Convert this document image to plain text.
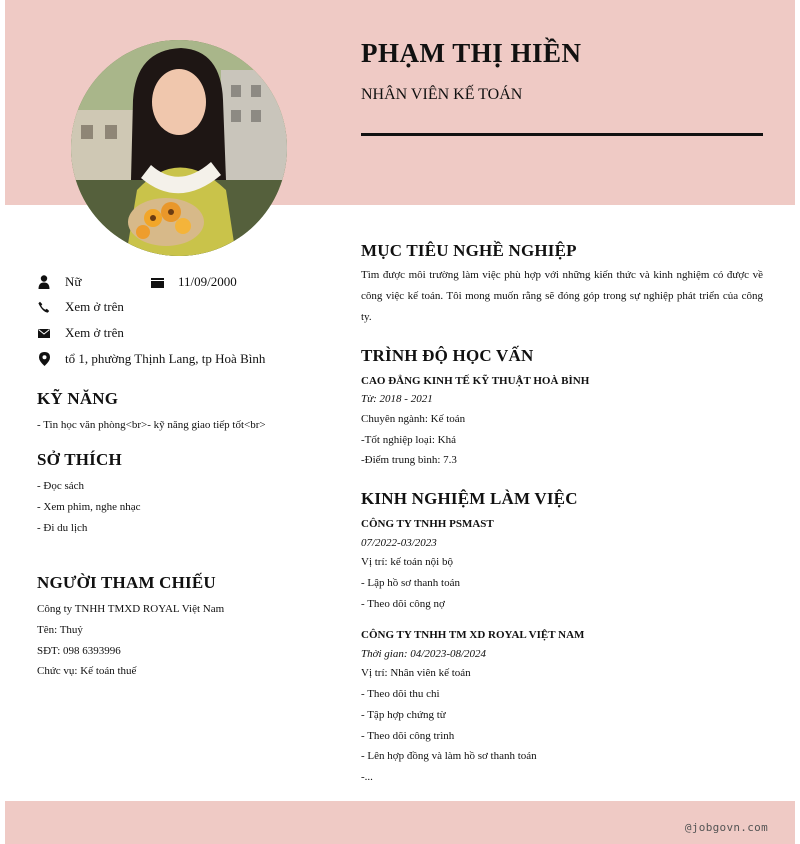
PHẠM THỊ HIỀN
NHÂN VIÊN KẾ TOÁN
Nữ	11/09/2000
Xem ở trên
Xem ở trên
tổ 1, phường Thịnh Lang, tp Hoà Bình
KỸ NĂNG
- Tin học văn phòng<br>- kỹ năng giao tiếp tốt<br>
SỞ THÍCH
- Đọc sách
- Xem phim, nghe nhạc
- Đi du lịch
NGƯỜI THAM CHIẾU
Công ty TNHH TMXD ROYAL Việt Nam
Tên: Thuỷ
SĐT: 098 6393996
Chức vụ: Kế toán thuế
MỤC TIÊU NGHỀ NGHIỆP
Tìm được môi trường làm việc phù hợp với những kiến thức và kinh nghiệm có được về công việc kế toán. Tôi mong muốn rằng sẽ đóng góp trong sự nghiệp phát triển của công ty.
TRÌNH ĐỘ HỌC VẤN
CAO ĐẲNG KINH TẾ KỸ THUẬT HOÀ BÌNH
Từ: 2018 - 2021
Chuyên ngành: Kế toán
-Tốt nghiệp loại: Khá
-Điểm trung bình: 7.3
KINH NGHIỆM LÀM VIỆC
CÔNG TY TNHH PSMAST
07/2022-03/2023
Vị trí: kế toán nội bộ
- Lập hồ sơ thanh toán
- Theo dõi công nợ
CÔNG TY TNHH TM XD ROYAL VIỆT NAM
Thời gian: 04/2023-08/2024
Vị trí: Nhân viên kế toán
- Theo dõi thu chi
- Tập hợp chứng từ
- Theo dõi công trình
- Lên hợp đồng và làm hồ sơ thanh toán
-...
@jobgovn.com
